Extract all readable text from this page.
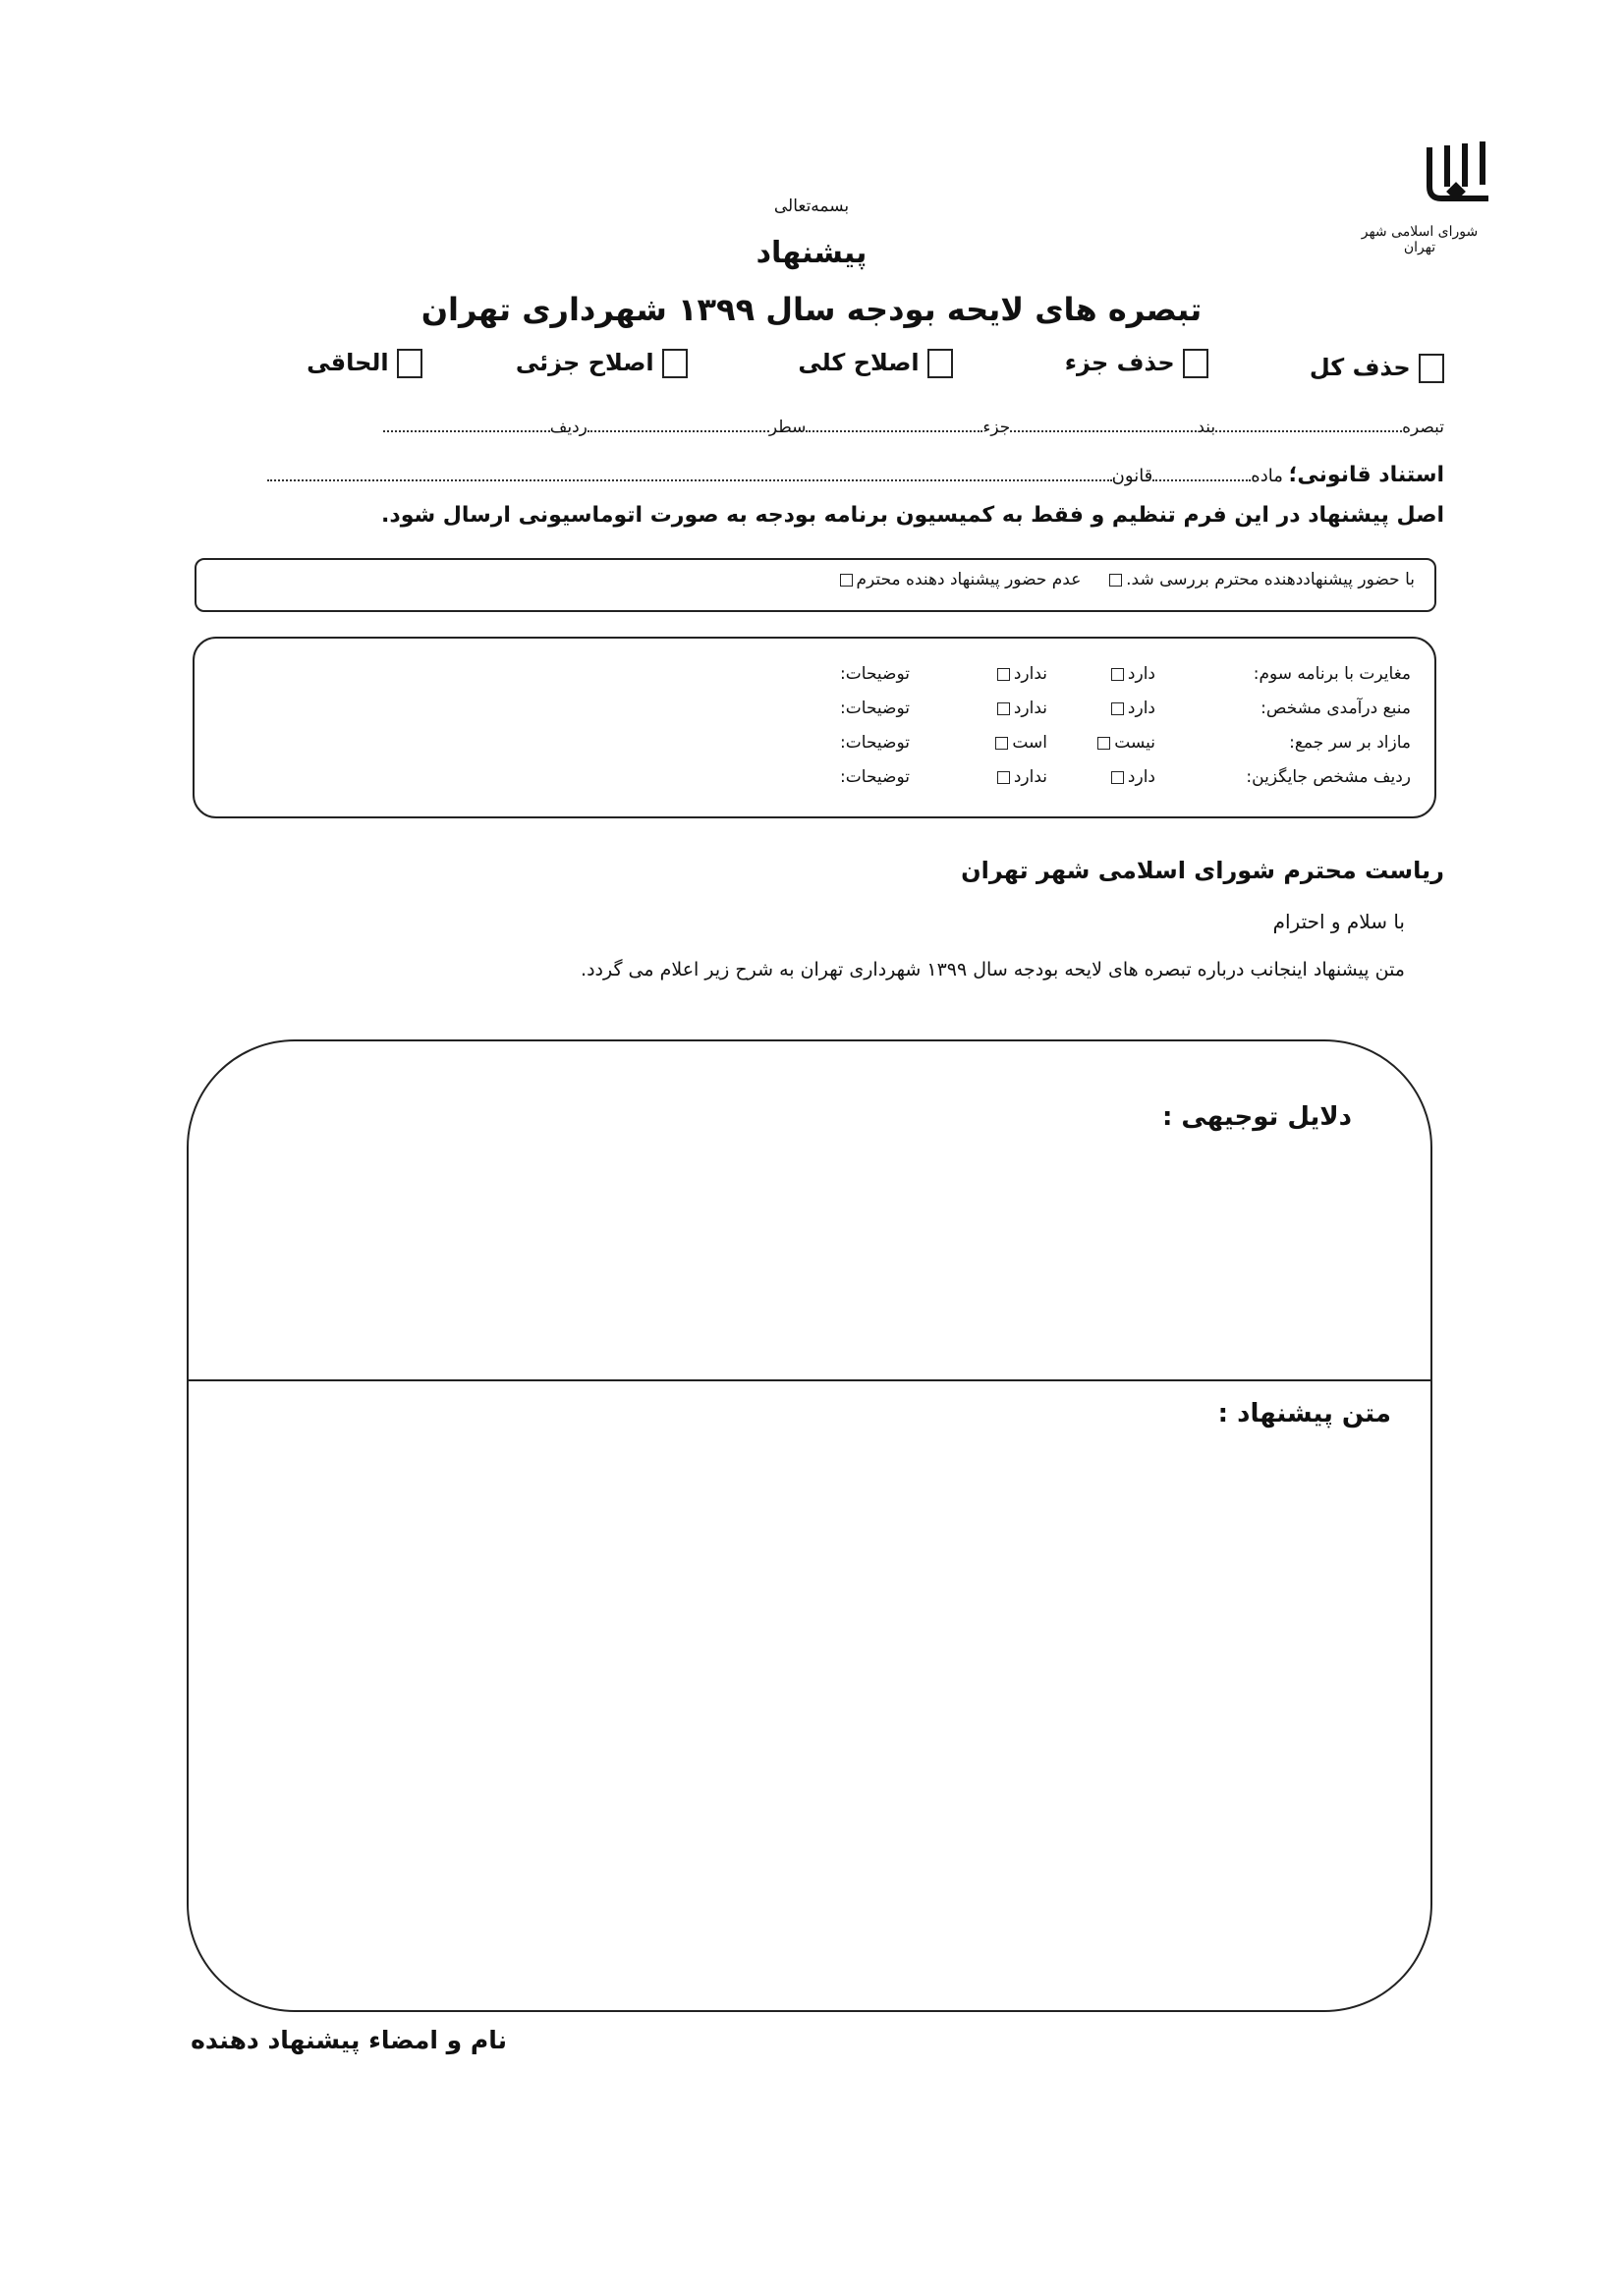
شورای اسلامی شهر تهران
بسمه‌تعالی
پیشنهاد
تبصره های لایحه بودجه سال ۱۳۹۹ شهرداری تهران
حذف کل
حذف جزء
اصلاح کلی
اصلاح جزئی
الحاقی
تبصرهبندجزءسطرردیف
استناد قانونی؛ مادهقانون
اصل پیشنهاد در این فرم تنظیم و فقط به کمیسیون برنامه بودجه به صورت اتوماسیونی ارسال شود.
با حضور پیشنهاددهنده محترم بررسی شد.  عدم حضور پیشنهاد دهنده محترم
مغایرت با برنامه سوم:
دارد
ندارد
توضیحات:
منبع درآمدی مشخص:
دارد
ندارد
توضیحات:
مازاد بر سر جمع:
نیست
است
توضیحات:
ردیف مشخص جایگزین:
دارد
ندارد
توضیحات:
ریاست محترم شورای اسلامی شهر تهران
با سلام و احترام
متن پیشنهاد اینجانب درباره تبصره های لایحه بودجه سال ۱۳۹۹ شهرداری تهران به شرح زیر اعلام می گردد.
دلایل توجیهی :
متن پیشنهاد :
نام و امضاء پیشنهاد دهنده
